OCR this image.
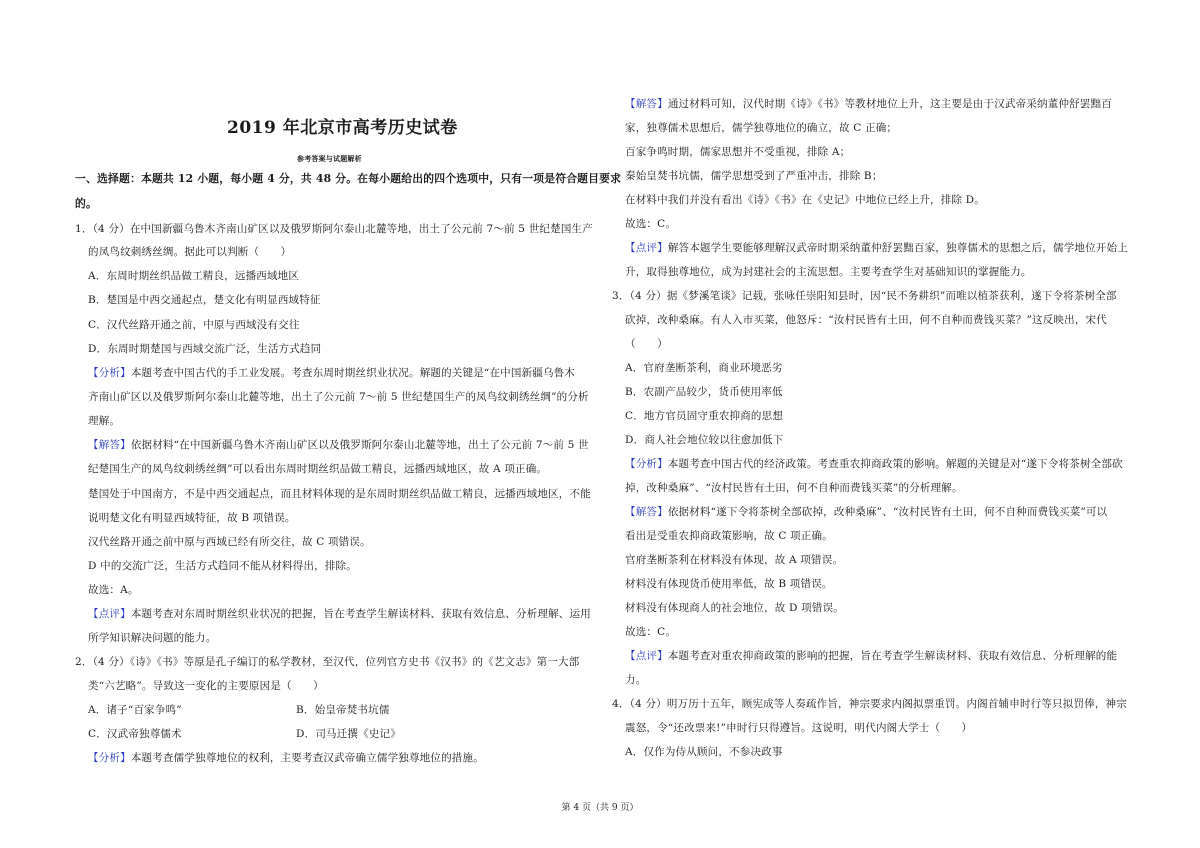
2019 年北京市高考历史试卷
参考答案与试题解析
一、选择题：本题共 12 小题，每小题 4 分，共 48 分。在每小题给出的四个选项中，只有一项是符合题目要求
的。
1．（4 分）在中国新疆乌鲁木齐南山矿区以及俄罗斯阿尔泰山北麓等地，出土了公元前 7～前 5 世纪楚国生产
的凤鸟纹刺绣丝绸。据此可以判断（　　）
A．东周时期丝织品做工精良，远播西域地区
B．楚国是中西交通起点，楚文化有明显西域特征
C．汉代丝路开通之前，中原与西域没有交往
D．东周时期楚国与西域交流广泛，生活方式趋同
【分析】本题考查中国古代的手工业发展。考查东周时期丝织业状况。解题的关键是“在中国新疆乌鲁木
齐南山矿区以及俄罗斯阿尔泰山北麓等地，出土了公元前 7～前 5 世纪楚国生产的凤鸟纹刺绣丝绸”的分析
理解。
【解答】依据材料“在中国新疆乌鲁木齐南山矿区以及俄罗斯阿尔泰山北麓等地，出土了公元前 7～前 5 世
纪楚国生产的凤鸟纹刺绣丝绸”可以看出东周时期丝织品做工精良，远播西域地区，故 A 项正确。
楚国处于中国南方，不是中西交通起点，而且材料体现的是东周时期丝织品做工精良，远播西域地区，不能
说明楚文化有明显西域特征，故 B 项错误。
汉代丝路开通之前中原与西域已经有所交往，故 C 项错误。
D 中的交流广泛，生活方式趋同不能从材料得出，排除。
故选：A。
【点评】本题考查对东周时期丝织业状况的把握，旨在考查学生解读材料、获取有效信息、分析理解、运用
所学知识解决问题的能力。
2．（4 分）《诗》《书》等原是孔子编订的私学教材，至汉代，位列官方史书《汉书》的《艺文志》第一大部
类“六艺略”。导致这一变化的主要原因是（　　）
A．诸子“百家争鸣”	B．始皇帝焚书坑儒
C．汉武帝独尊儒术	D．司马迁撰《史记》
【分析】本题考查儒学独尊地位的权利，主要考查汉武帝确立儒学独尊地位的措施。
【解答】通过材料可知，汉代时期《诗》《书》等教材地位上升，这主要是由于汉武帝采纳董仲舒罢黜百
家，独尊儒术思想后，儒学独尊地位的确立，故 C 正确；
百家争鸣时期，儒家思想并不受重视，排除 A；
秦始皇焚书坑儒，儒学思想受到了严重冲击，排除 B；
在材料中我们并没有看出《诗》《书》在《史记》中地位已经上升，排除 D。
故选：C。
【点评】解答本题学生要能够理解汉武帝时期采纳董仲舒罢黜百家，独尊儒术的思想之后，儒学地位开始上
升，取得独尊地位，成为封建社会的主流思想。主要考查学生对基础知识的掌握能力。
3．（4 分）据《梦溪笔谈》记载，张咏任崇阳知县时，因“民不务耕织”而唯以植茶获利，遂下令将茶树全部
砍掉，改种桑麻。有人入市买菜，他怒斥：“汝村民皆有土田，何不自种而费钱买菜？”这反映出，宋代
（　　）
A．官府垄断茶利，商业环境恶劣
B．农副产品较少，货币使用率低
C．地方官员固守重农抑商的思想
D．商人社会地位较以往愈加低下
【分析】本题考查中国古代的经济政策。考查重农抑商政策的影响。解题的关键是对“遂下令将茶树全部砍
掉，改种桑麻”、“汝村民皆有土田，何不自种而费钱买菜”的分析理解。
【解答】依据材料“遂下令将茶树全部砍掉，改种桑麻”、“汝村民皆有土田，何不自种而费钱买菜”可以
看出是受重农抑商政策影响，故 C 项正确。
官府垄断茶利在材料没有体现，故 A 项错误。
材料没有体现货币使用率低，故 B 项错误。
材料没有体现商人的社会地位，故 D 项错误。
故选：C。
【点评】本题考查对重农抑商政策的影响的把握，旨在考查学生解读材料、获取有效信息、分析理解的能
力。
4．（4 分）明万历十五年，顾宪成等人奏疏作旨，神宗要求内阁拟票重罚。内阁首辅申时行等只拟罚俸，神宗
震怒，令“还改票来!”申时行只得遵旨。这说明，明代内阁大学士（　　）
A．仅作为侍从顾问，不参决政事
第 4 页（共 9 页）
